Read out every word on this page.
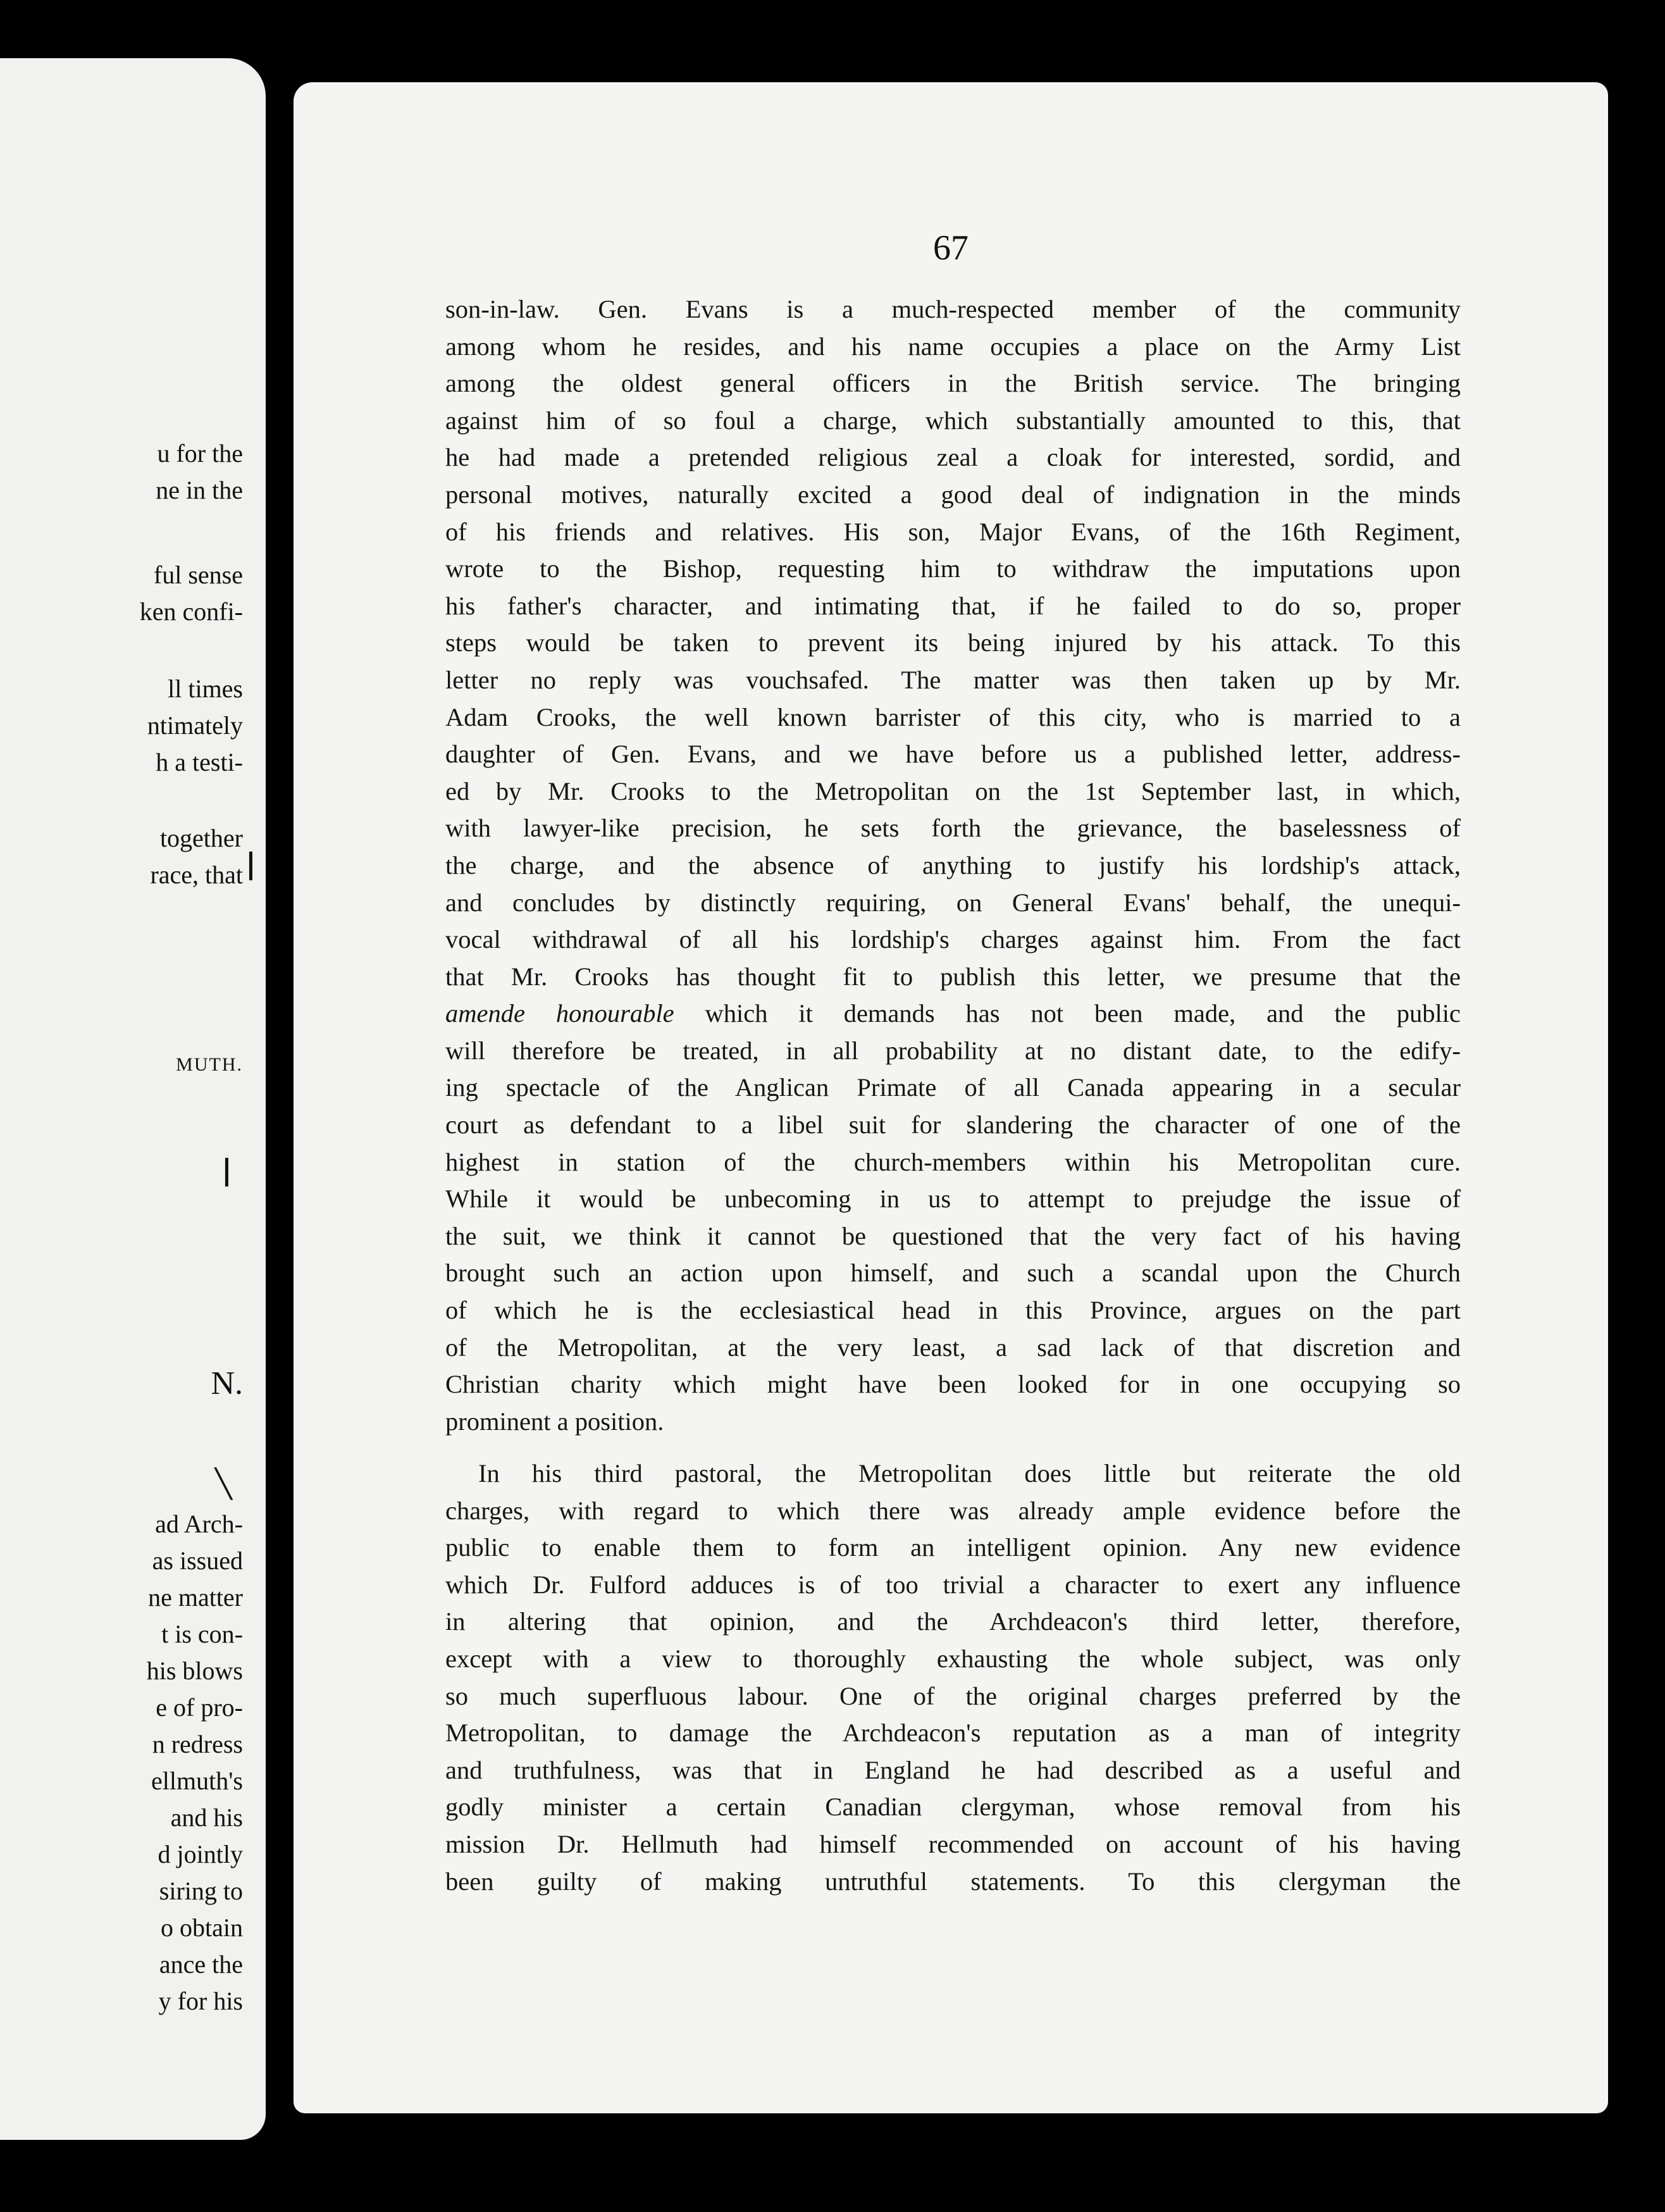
u for the
ne in the
ful sense
ken confi-
ll times
ntimately
h a testi-
together
race, that
MUTH.
N.
ad Arch-
as issued
ne matter
t is con-
his blows
e of pro-
n redress
ellmuth's
and his
d jointly
siring to
o obtain
ance the
y for his
❘
❘
╲
67
son-in-law. Gen. Evans is a much-respected member of the community
among whom he resides, and his name occupies a place on the Army List
among the oldest general officers in the British service. The bringing
against him of so foul a charge, which substantially amounted to this, that
he had made a pretended religious zeal a cloak for interested, sordid, and
personal motives, naturally excited a good deal of indignation in the minds
of his friends and relatives. His son, Major Evans, of the 16th Regiment,
wrote to the Bishop, requesting him to withdraw the imputations upon
his father's character, and intimating that, if he failed to do so, proper
steps would be taken to prevent its being injured by his attack. To this
letter no reply was vouchsafed. The matter was then taken up by Mr.
Adam Crooks, the well known barrister of this city, who is married to a
daughter of Gen. Evans, and we have before us a published letter, address-
ed by Mr. Crooks to the Metropolitan on the 1st September last, in which,
with lawyer-like precision, he sets forth the grievance, the baselessness of
the charge, and the absence of anything to justify his lordship's attack,
and concludes by distinctly requiring, on General Evans' behalf, the unequi-
vocal withdrawal of all his lordship's charges against him. From the fact
that Mr. Crooks has thought fit to publish this letter, we presume that the
amende honourable which it demands has not been made, and the public
will therefore be treated, in all probability at no distant date, to the edify-
ing spectacle of the Anglican Primate of all Canada appearing in a secular
court as defendant to a libel suit for slandering the character of one of the
highest in station of the church-members within his Metropolitan cure.
While it would be unbecoming in us to attempt to prejudge the issue of
the suit, we think it cannot be questioned that the very fact of his having
brought such an action upon himself, and such a scandal upon the Church
of which he is the ecclesiastical head in this Province, argues on the part
of the Metropolitan, at the very least, a sad lack of that discretion and
Christian charity which might have been looked for in one occupying so
prominent a position.
In his third pastoral, the Metropolitan does little but reiterate the old
charges, with regard to which there was already ample evidence before the
public to enable them to form an intelligent opinion. Any new evidence
which Dr. Fulford adduces is of too trivial a character to exert any influence
in altering that opinion, and the Archdeacon's third letter, therefore,
except with a view to thoroughly exhausting the whole subject, was only
so much superfluous labour. One of the original charges preferred by the
Metropolitan, to damage the Archdeacon's reputation as a man of integrity
and truthfulness, was that in England he had described as a useful and
godly minister a certain Canadian clergyman, whose removal from his
mission Dr. Hellmuth had himself recommended on account of his having
been guilty of making untruthful statements. To this clergyman the
